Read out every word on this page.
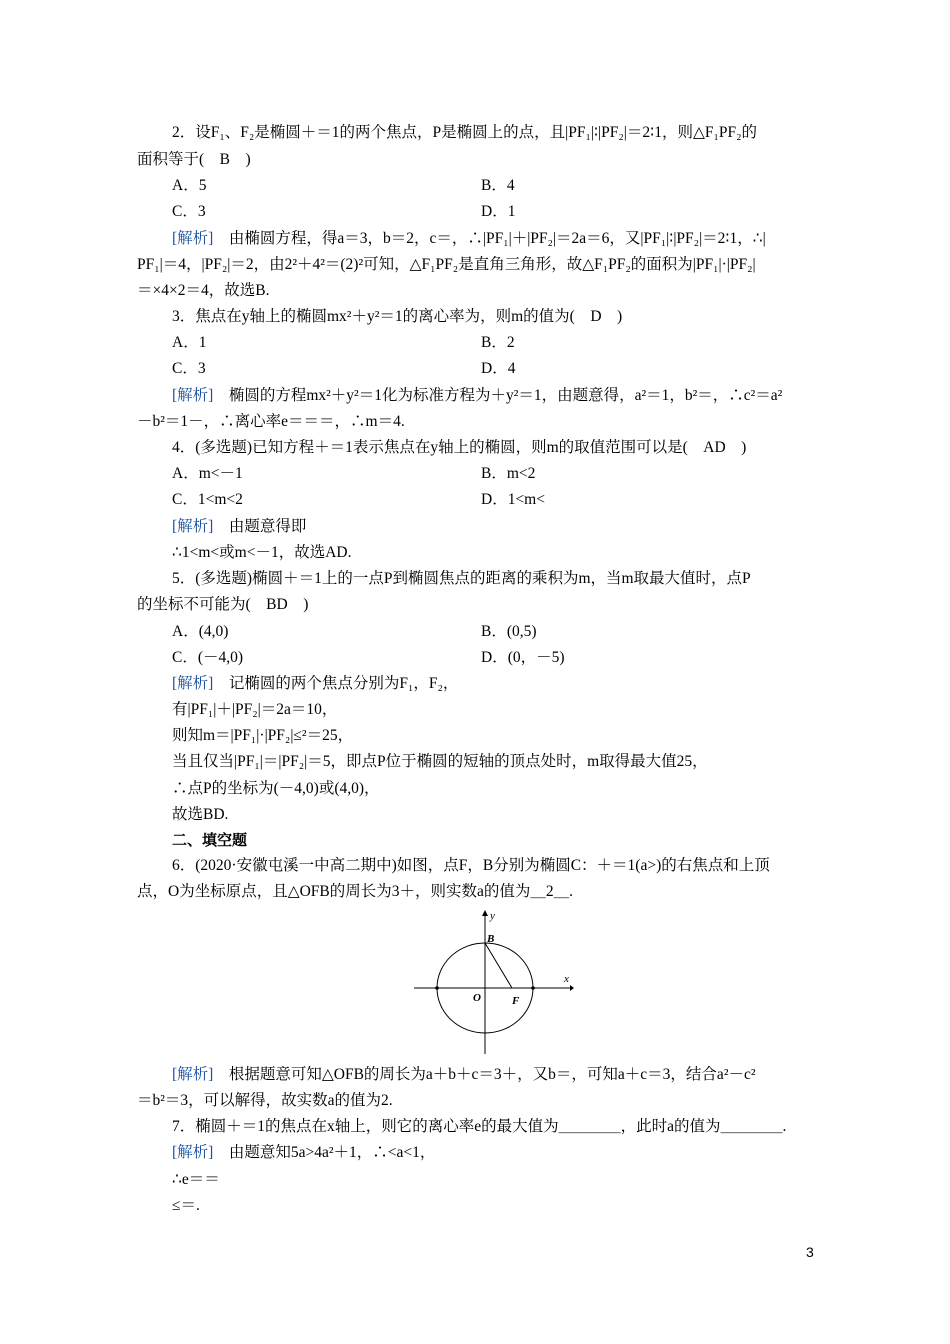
2．设F₁、F₂是椭圆＋＝1的两个焦点，P是椭圆上的点，且|PF₁|∶|PF₂|＝2∶1，则△F₁PF₂的
面积等于(　B　)
A．5	B．4
C．3	D．1
[解析]　 由椭圆方程，得a＝3，b＝2，c＝，∴|PF₁|＋|PF₂|＝2a＝6，又|PF₁|∶|PF₂|＝2∶1，∴|
PF₁|＝4，|PF₂|＝2，由2²＋4²＝(2)²可知，△F₁PF₂是直角三角形，故△F₁PF₂的面积为|PF₁|·|PF₂|
＝×4×2＝4，故选B.
3．焦点在y轴上的椭圆mx²＋y²＝1的离心率为，则m的值为(　D　)
A．1	B．2
C．3	D．4
[解析]　 椭圆的方程mx²＋y²＝1化为标准方程为＋y²＝1，由题意得，a²＝1，b²＝，∴c²＝a²
－b²＝1－，∴离心率e＝＝＝，∴m＝4.
4．(多选题)已知方程＋＝1表示焦点在y轴上的椭圆，则m的取值范围可以是(　AD　)
A．m<－1	B．m<2
C．1<m<2	D．1<m<
[解析]　 由题意得即
∴1<m<或m<－1，故选AD.
5．(多选题)椭圆＋＝1上的一点P到椭圆焦点的距离的乘积为m，当m取最大值时，点P
的坐标不可能为(　BD　)
A．(4,0)	B．(0,5)
C．(－4,0)	D．(0，－5)
[解析]　 记椭圆的两个焦点分别为F₁，F₂，
有|PF₁|＋|PF₂|＝2a＝10，
则知m＝|PF₁|·|PF₂|≤²＝25，
当且仅当|PF₁|＝|PF₂|＝5，即点P位于椭圆的短轴的顶点处时，m取得最大值25，
∴点P的坐标为(－4,0)或(4,0)，
故选BD.
二、填空题
6．(2020·安徽屯溪一中高二期中)如图，点F，B分别为椭圆C：＋＝1(a>)的右焦点和上顶
点，O为坐标原点，且△OFB的周长为3＋，则实数a的值为＿2＿.
y
x
B
O	F
[解析]　 根据题意可知△OFB的周长为a＋b＋c＝3＋，又b＝，可知a＋c＝3，结合a²－c²
＝b²＝3，可以解得，故实数a的值为2.
7．椭圆＋＝1的焦点在x轴上，则它的离心率e的最大值为＿＿＿＿，此时a的值为＿＿＿＿.
[解析]　 由题意知5a>4a²＋1，∴<a<1，
∴e＝＝
≤＝.
3
